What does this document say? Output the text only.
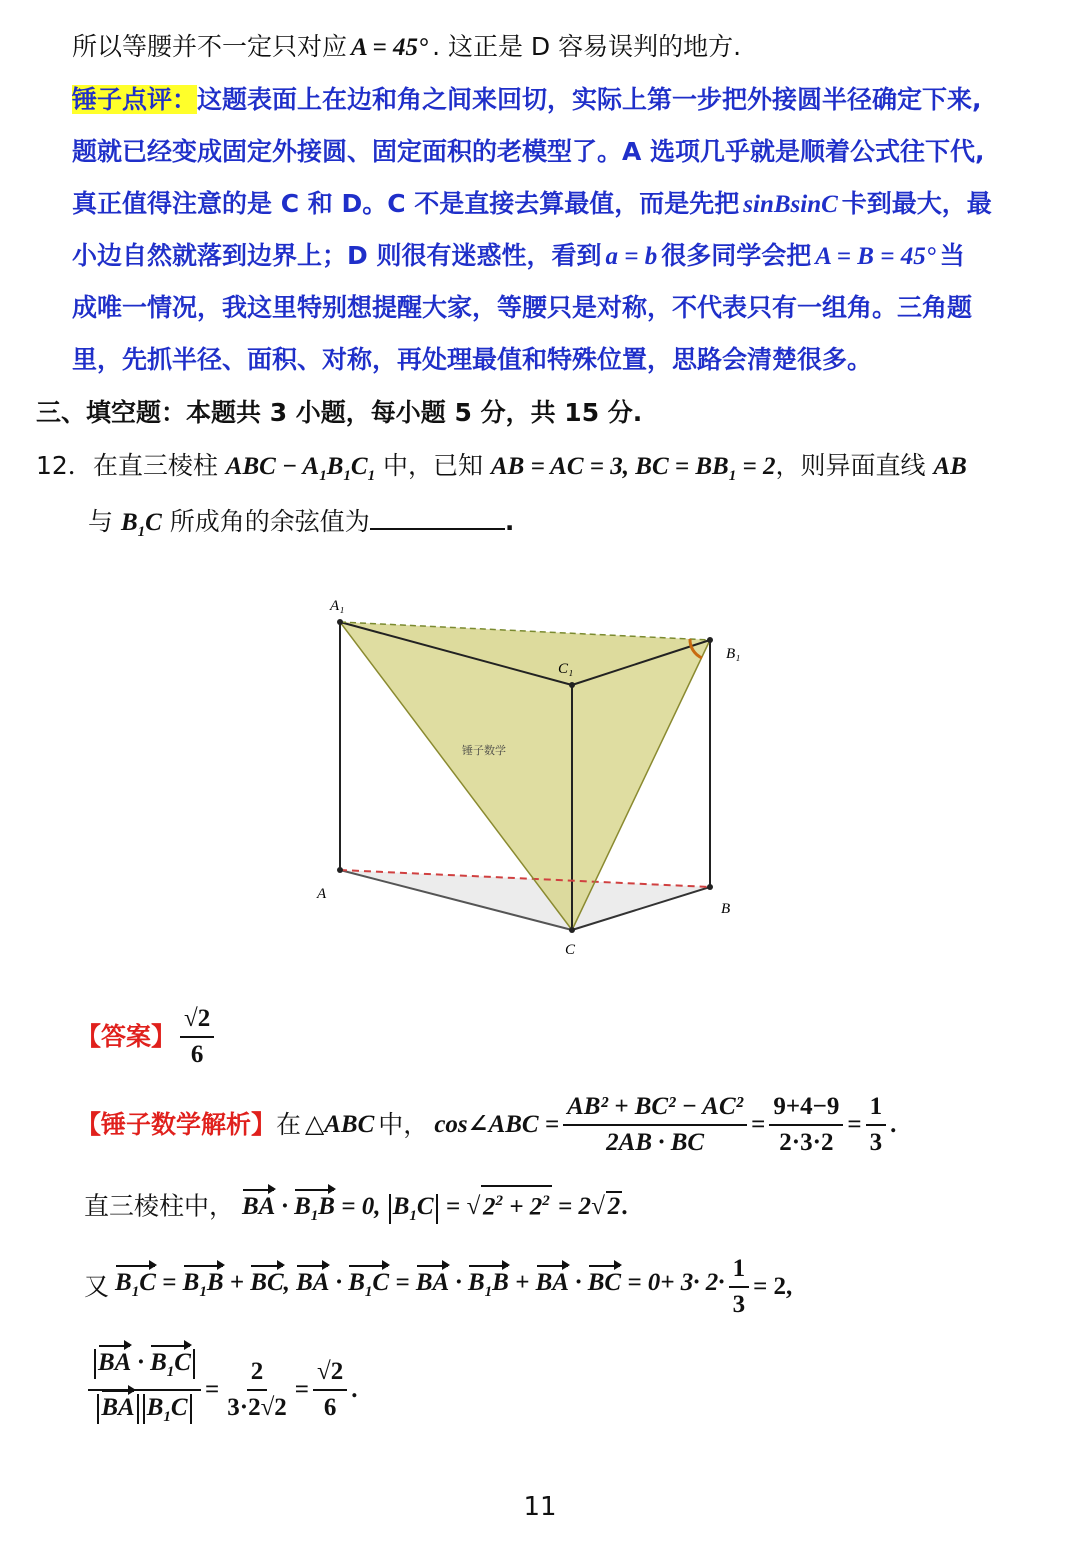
所以等腰并不一定只对应 A = 45° . 这正是 D 容易误判的地方.
锤子点评：这题表面上在边和角之间来回切，实际上第一步把外接圆半径确定下来,
题就已经变成固定外接圆、固定面积的老模型了。A 选项几乎就是顺着公式往下代,
真正值得注意的是 C 和 D。C 不是直接去算最值，而是先把 sinBsinC 卡到最大，最
小边自然就落到边界上；D 则很有迷惑性，看到 a = b 很多同学会把 A = B = 45° 当
成唯一情况，我这里特别想提醒大家，等腰只是对称，不代表只有一组角。三角题
里，先抓半径、面积、对称，再处理最值和特殊位置，思路会清楚很多。
三、填空题：本题共 3 小题，每小题 5 分，共 15 分.
12．在直三棱柱 ABC − $A_1B_1C_1$ 中，已知 AB = AC = 3, BC = $BB_1 = 2$，则异面直线 AB
与 $B_1C$ 所成角的余弦值为	.
A₁
B₁
C₁
A
B
C
锤子数学
【答案】 $\frac{√2}{6}$
【锤子数学解析】 在 △ABC 中， cos∠ABC = $\frac{\text{AB² + BC² − AC²}}{2AB \cdot BC} = \frac{9+4-9}{2\cdot 3\cdot 2} = \frac{1}{3}$ .
直三棱柱中， BA · $B_1B = 0$, $B_1C$ = √ $2^2 + 2^2 = 2√$ 2.
又 $B_1C = B_1B$ + BC, BA · $B_1C$ = BA · $B_1B$ + BA · BC = $0+ 3\cdot 2\cdot \frac{1}{3} = 2$,
$\frac{BA \cdot B_1C}{BA B_1C} = \frac{2}{3\cdot 2√2} = \frac{√2}{6}$ .
11
